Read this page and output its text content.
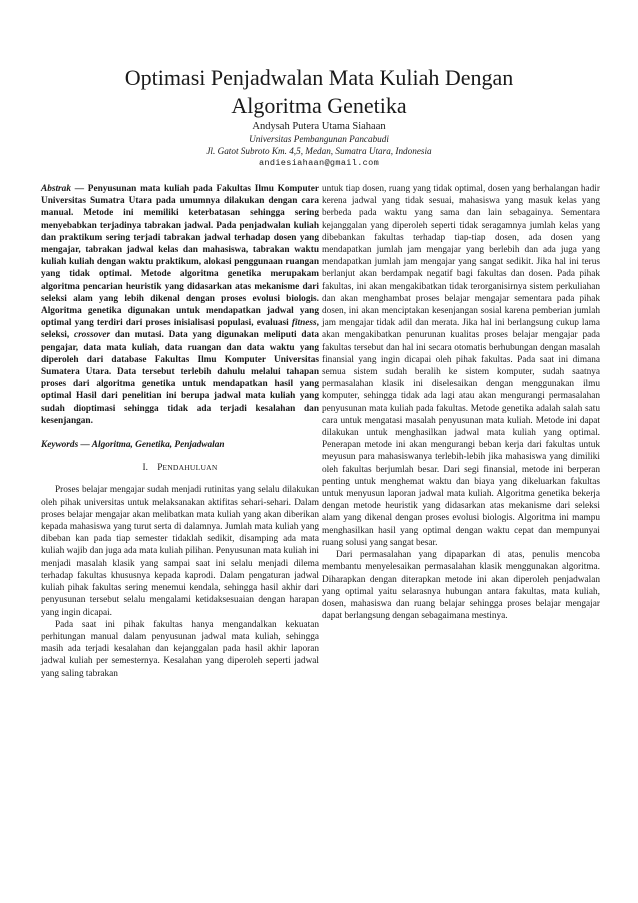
Optimasi Penjadwalan Mata Kuliah Dengan
Algoritma Genetika
Andysah Putera Utama Siahaan
Universitas Pembangunan Pancabudi
Jl. Gatot Subroto Km. 4,5, Medan, Sumatra Utara, Indonesia
andiesiahaan@gmail.com

Abstrak — Penyusunan mata kuliah pada Fakultas Ilmu Komputer Universitas Sumatra Utara pada umumnya dilakukan dengan cara manual. Metode ini memiliki keterbatasan sehingga sering menyebabkan terjadinya tabrakan jadwal. Pada penjadwalan kuliah dan praktikum sering terjadi tabrakan jadwal terhadap dosen yang mengajar, tabrakan jadwal kelas dan mahasiswa, tabrakan waktu kuliah kuliah dengan waktu praktikum, alokasi penggunaan ruangan yang tidak optimal. Metode algoritma genetika merupakam algoritma pencarian heuristik yang didasarkan atas mekanisme dari seleksi alam yang lebih dikenal dengan proses evolusi biologis. Algoritma genetika digunakan untuk mendapatkan jadwal yang optimal yang terdiri dari proses inisialisasi populasi, evaluasi fitness, seleksi, crossover dan mutasi. Data yang digunakan meliputi data pengajar, data mata kuliah, data ruangan dan data waktu yang diperoleh dari database Fakultas Ilmu Komputer Universitas Sumatera Utara. Data tersebut terlebih dahulu melalui tahapan proses dari algoritma genetika untuk mendapatkan hasil yang optimal Hasil dari penelitian ini berupa jadwal mata kuliah yang sudah dioptimasi sehingga tidak ada terjadi kesalahan dan kesenjangan.

Keywords — Algoritma, Genetika, Penjadwalan

I. PENDAHULUAN

Proses belajar mengajar sudah menjadi rutinitas yang selalu dilakukan oleh pihak universitas untuk melaksanakan aktifitas sehari-sehari. Dalam proses belajar mengajar akan melibatkan mata kuliah yang akan diberikan kepada mahasiswa yang turut serta di dalamnya. Jumlah mata kuliah yang dibeban kan pada tiap semester tidaklah sedikit, disamping ada mata kuliah wajib dan juga ada mata kuliah pilihan. Penyusunan mata kuliah ini menjadi masalah klasik yang sampai saat ini selalu menjadi dilema terhadap fakultas khususnya kepada kaprodi. Dalam pengaturan jadwal kuliah pihak fakultas sering menemui kendala, sehingga hasil akhir dari penyusunan tersebut selalu mengalami ketidaksesuaian dengan harapan yang ingin dicapai.

Pada saat ini pihak fakultas hanya mengandalkan kekuatan perhitungan manual dalam penyusunan jadwal mata kuliah, sehingga masih ada terjadi kesalahan dan kejanggalan pada hasil akhir laporan jadwal kuliah per semesternya. Kesalahan yang diperoleh seperti jadwal yang saling tabrakan

untuk tiap dosen, ruang yang tidak optimal, dosen yang berhalangan hadir kerena jadwal yang tidak sesuai, mahasiswa yang masuk kelas yang berbeda pada waktu yang sama dan lain sebagainya. Sementara kejanggalan yang diperoleh seperti tidak seragamnya jumlah kelas yang dibebankan fakultas terhadap tiap-tiap dosen, ada dosen yang mendapatkan jumlah jam mengajar yang berlebih dan ada juga yang mendapatkan jumlah jam mengajar yang sangat sedikit. Jika hal ini terus berlanjut akan berdampak negatif bagi fakultas dan dosen. Pada pihak fakultas, ini akan mengakibatkan tidak terorganisirnya sistem perkuliahan dan akan menghambat proses belajar mengajar sementara pada pihak dosen, ini akan menciptakan kesenjangan sosial karena pemberian jumlah jam mengajar tidak adil dan merata. Jika hal ini berlangsung cukup lama akan mengakibatkan penurunan kualitas proses belajar mengajar pada fakultas tersebut dan hal ini secara otomatis berhubungan dengan masalah finansial yang ingin dicapai oleh pihak fakultas. Pada saat ini dimana semua sistem sudah beralih ke sistem komputer, sudah saatnya permasalahan klasik ini diselesaikan dengan menggunakan ilmu komputer, sehingga tidak ada lagi atau akan mengurangi permasalahan penyusunan mata kuliah pada fakultas. Metode genetika adalah salah satu cara untuk mengatasi masalah penyusunan mata kuliah. Metode ini dapat dilakukan untuk menghasilkan jadwal mata kuliah yang optimal. Penerapan metode ini akan mengurangi beban kerja dari fakultas untuk meyusun para mahasiswanya terlebih-lebih jika mahasiswa yang dimiliki oleh fakultas berjumlah besar. Dari segi finansial, metode ini berperan penting untuk menghemat waktu dan biaya yang dikeluarkan fakultas untuk menyusun laporan jadwal mata kuliah. Algoritma genetika bekerja dengan metode heuristik yang didasarkan atas mekanisme dari seleksi alam yang dikenal dengan proses evolusi biologis. Algoritma ini mampu menghasilkan hasil yang optimal dengan waktu cepat dan mempunyai ruang solusi yang sangat besar.

Dari permasalahan yang dipaparkan di atas, penulis mencoba membantu menyelesaikan permasalahan klasik menggunakan algoritma. Diharapkan dengan diterapkan metode ini akan diperoleh penjadwalan yang optimal yaitu selarasnya hubungan antara fakultas, mata kuliah, dosen, mahasiswa dan ruang belajar sehingga proses belajar mengajar dapat berlangsung dengan sebagaimana mestinya.
